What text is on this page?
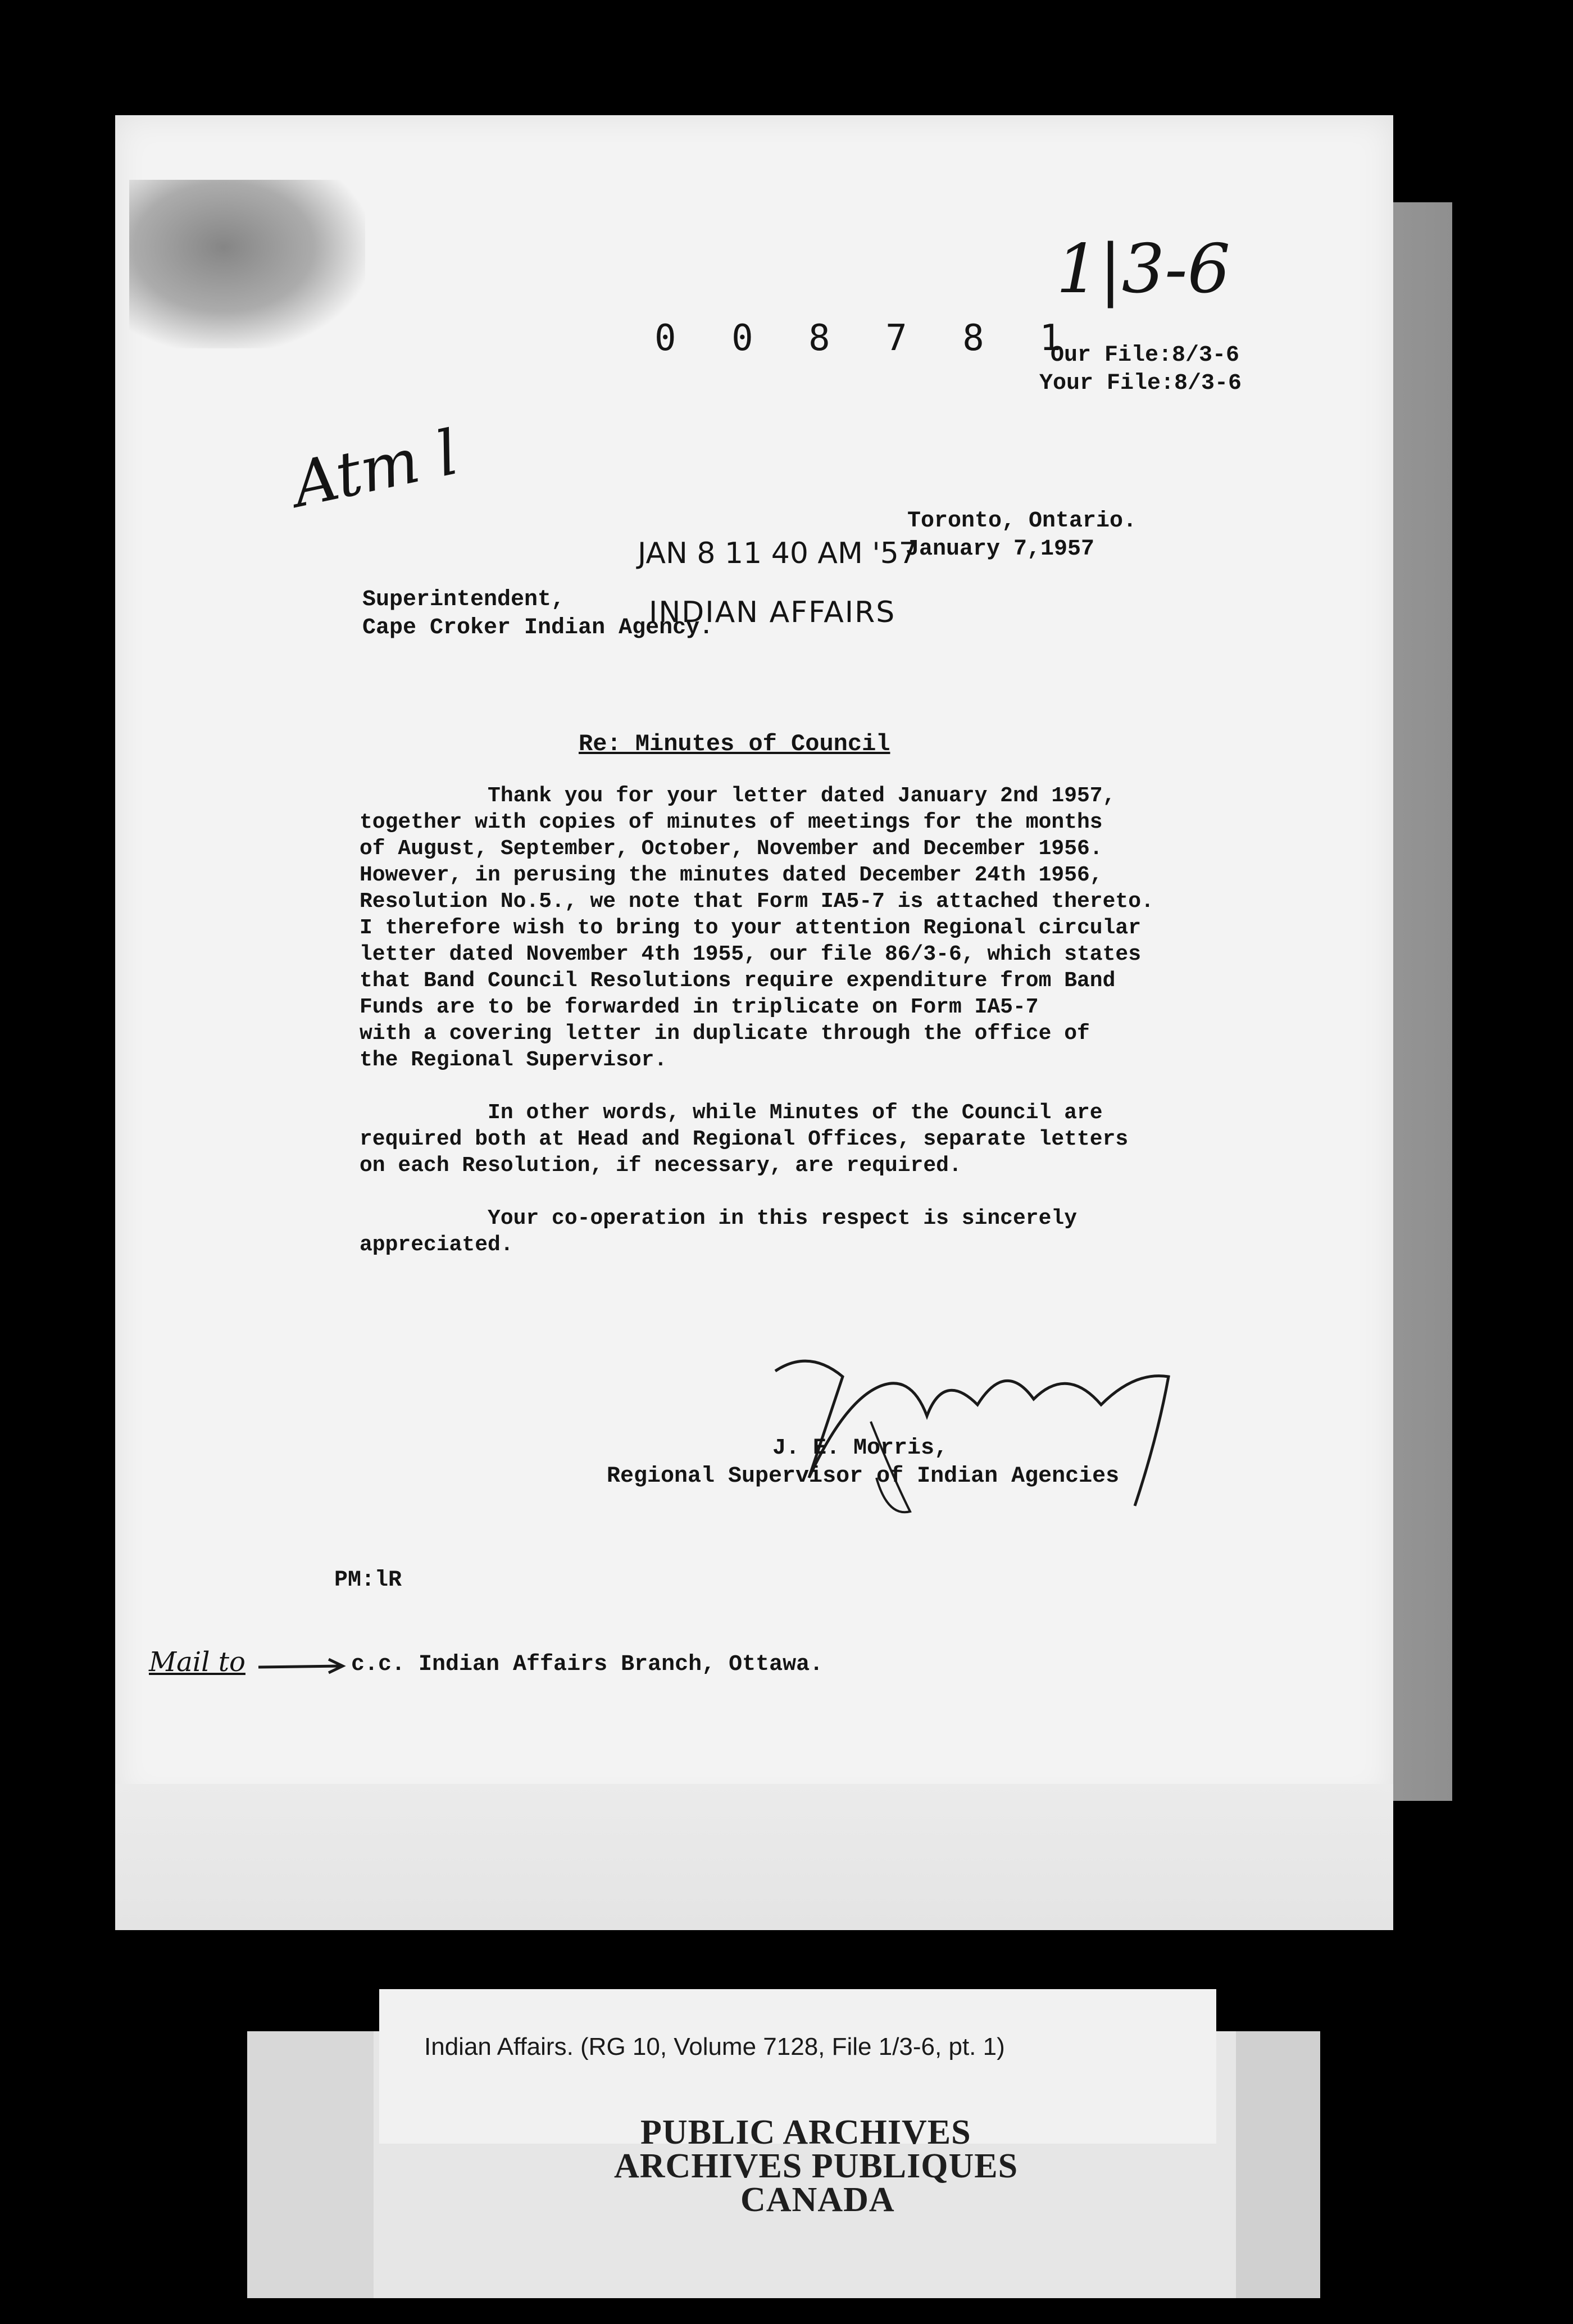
0 0 8 7 8 1
1|3-6
Our File:8/3-6
Your File:8/3-6
Toronto, Ontario.
January 7,1957
JAN 8 11 40 AM '57
INDIAN AFFAIRS
Atm l
Superintendent,
Cape Croker Indian Agency.
Re: Minutes of Council
Thank you for your letter dated January 2nd 1957,
together with copies of minutes of meetings for the months
of August, September, October, November and December 1956.
However, in perusing the minutes dated December 24th 1956,
Resolution No.5., we note that Form IA5-7 is attached thereto.
I therefore wish to bring to your attention Regional circular
letter dated November 4th 1955, our file 86/3-6, which states
that Band Council Resolutions require expenditure from Band
Funds are to be forwarded in triplicate on Form IA5-7
with a covering letter in duplicate through the office of
the Regional Supervisor.
In other words, while Minutes of the Council are
required both at Head and Regional Offices, separate letters
on each Resolution, if necessary, are required.
Your co-operation in this respect is sincerely
appreciated.
J. E. Morris,
Regional Supervisor of Indian Agencies
PM:lR
Mail to	c.c. Indian Affairs Branch, Ottawa.
Indian Affairs. (RG 10, Volume 7128, File 1/3-6, pt. 1)
PUBLIC ARCHIVES
ARCHIVES PUBLIQUES
CANADA
